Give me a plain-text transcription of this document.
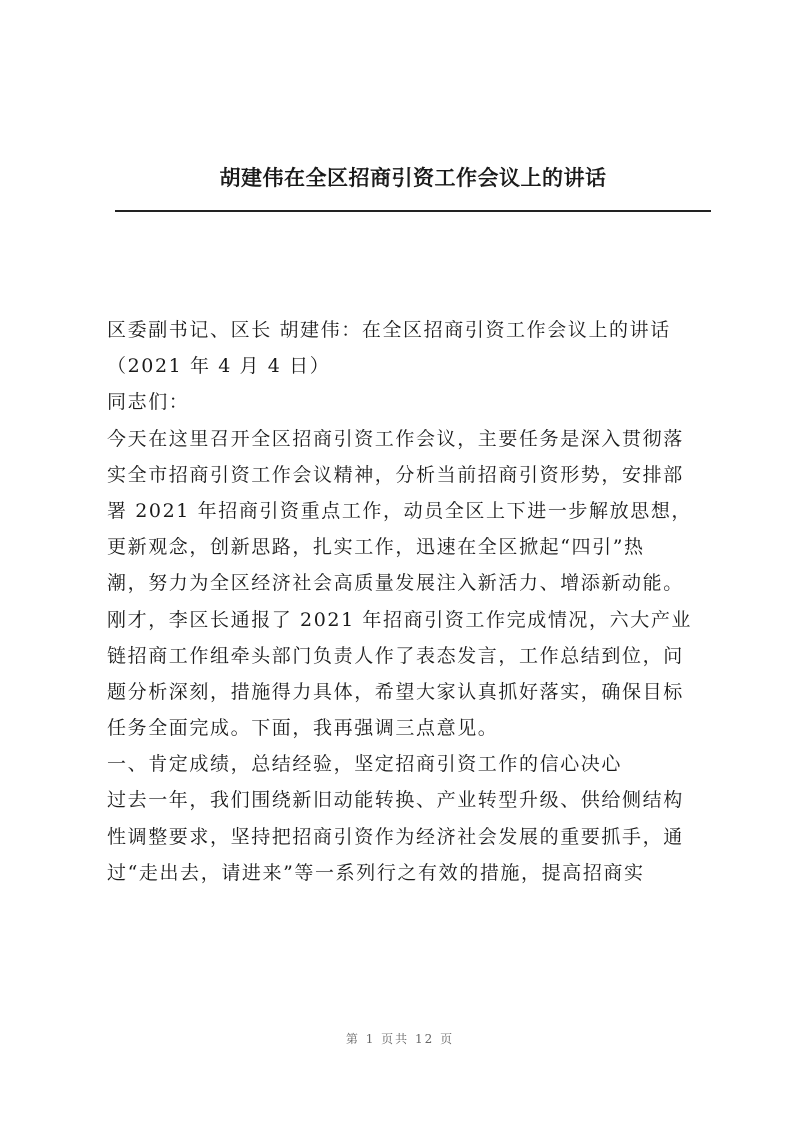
胡建伟在全区招商引资工作会议上的讲话
区委副书记、区长 胡建伟：在全区招商引资工作会议上的讲话
（2021 年 4 月 4 日）
同志们：
今天在这里召开全区招商引资工作会议，主要任务是深入贯彻落
实全市招商引资工作会议精神，分析当前招商引资形势，安排部
署 2021 年招商引资重点工作，动员全区上下进一步解放思想，
更新观念，创新思路，扎实工作，迅速在全区掀起“四引”热
潮，努力为全区经济社会高质量发展注入新活力、增添新动能。
刚才，李区长通报了 2021 年招商引资工作完成情况，六大产业
链招商工作组牵头部门负责人作了表态发言，工作总结到位，问
题分析深刻，措施得力具体，希望大家认真抓好落实，确保目标
任务全面完成。下面，我再强调三点意见。
一、肯定成绩，总结经验，坚定招商引资工作的信心决心
过去一年，我们围绕新旧动能转换、产业转型升级、供给侧结构
性调整要求，坚持把招商引资作为经济社会发展的重要抓手，通
过“走出去，请进来”等一系列行之有效的措施，提高招商实
第 1 页共 12 页
